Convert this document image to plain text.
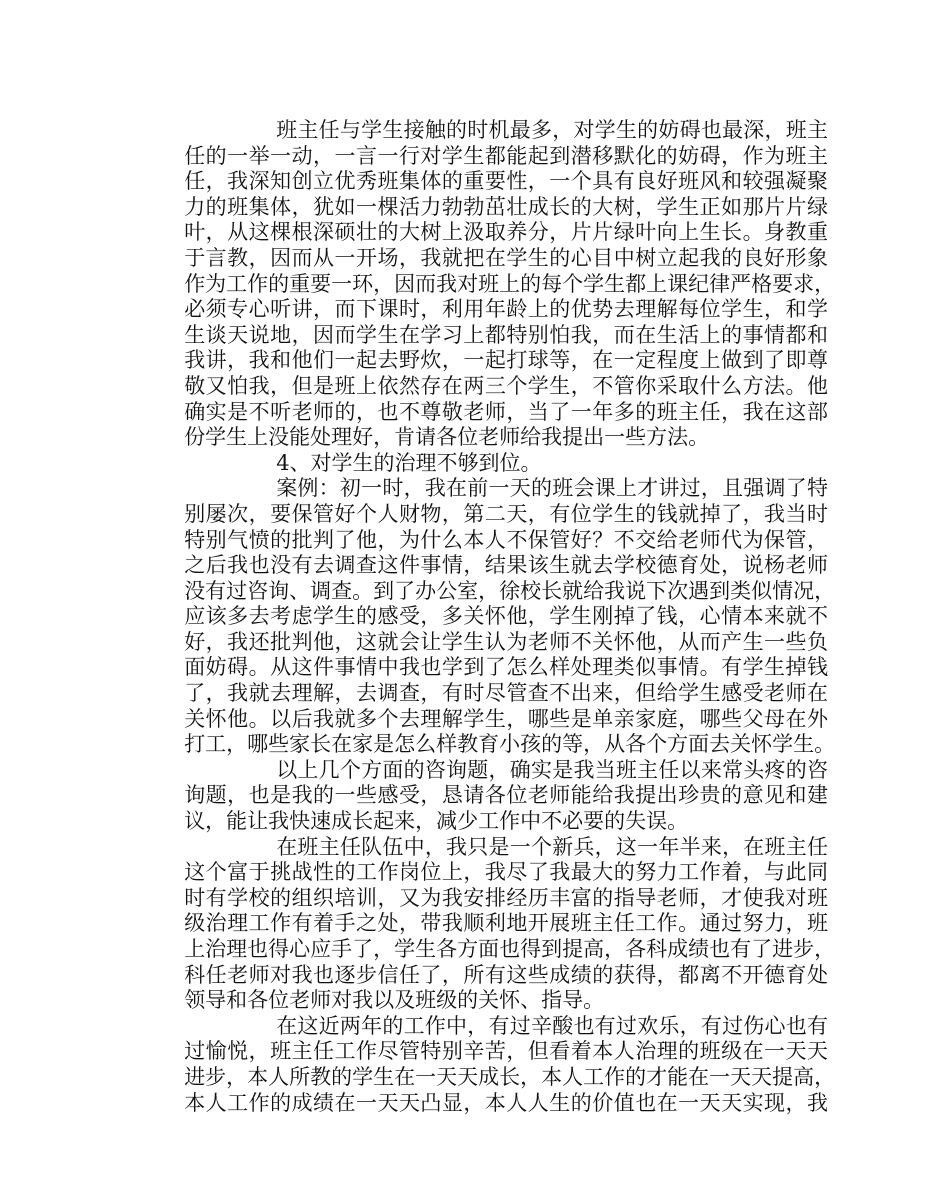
班主任与学生接触的时机最多，对学生的妨碍也最深，班主
任的一举一动，一言一行对学生都能起到潜移默化的妨碍，作为班主
任，我深知创立优秀班集体的重要性，一个具有良好班风和较强凝聚
力的班集体，犹如一棵活力勃勃茁壮成长的大树，学生正如那片片绿
叶，从这棵根深硕壮的大树上汲取养分，片片绿叶向上生长。身教重
于言教，因而从一开场，我就把在学生的心目中树立起我的良好形象
作为工作的重要一环，因而我对班上的每个学生都上课纪律严格要求，
必须专心听讲，而下课时，利用年龄上的优势去理解每位学生，和学
生谈天说地，因而学生在学习上都特别怕我，而在生活上的事情都和
我讲，我和他们一起去野炊，一起打球等，在一定程度上做到了即尊
敬又怕我，但是班上依然存在两三个学生，不管你采取什么方法。他
确实是不听老师的，也不尊敬老师，当了一年多的班主任，我在这部
份学生上没能处理好，肯请各位老师给我提出一些方法。
4、对学生的治理不够到位。
案例：初一时，我在前一天的班会课上才讲过，且强调了特
别屡次，要保管好个人财物，第二天，有位学生的钱就掉了，我当时
特别气愤的批判了他，为什么本人不保管好？不交给老师代为保管，
之后我也没有去调查这件事情，结果该生就去学校德育处，说杨老师
没有过咨询、调查。到了办公室，徐校长就给我说下次遇到类似情况，
应该多去考虑学生的感受，多关怀他，学生刚掉了钱，心情本来就不
好，我还批判他，这就会让学生认为老师不关怀他，从而产生一些负
面妨碍。从这件事情中我也学到了怎么样处理类似事情。有学生掉钱
了，我就去理解，去调查，有时尽管查不出来，但给学生感受老师在
关怀他。以后我就多个去理解学生，哪些是单亲家庭，哪些父母在外
打工，哪些家长在家是怎么样教育小孩的等，从各个方面去关怀学生。
以上几个方面的咨询题，确实是我当班主任以来常头疼的咨
询题，也是我的一些感受，恳请各位老师能给我提出珍贵的意见和建
议，能让我快速成长起来，减少工作中不必要的失误。
在班主任队伍中，我只是一个新兵，这一年半来，在班主任
这个富于挑战性的工作岗位上，我尽了我最大的努力工作着，与此同
时有学校的组织培训，又为我安排经历丰富的指导老师，才使我对班
级治理工作有着手之处，带我顺利地开展班主任工作。通过努力，班
上治理也得心应手了，学生各方面也得到提高，各科成绩也有了进步，
科任老师对我也逐步信任了，所有这些成绩的获得，都离不开德育处
领导和各位老师对我以及班级的关怀、指导。
在这近两年的工作中，有过辛酸也有过欢乐，有过伤心也有
过愉悦，班主任工作尽管特别辛苦，但看着本人治理的班级在一天天
进步，本人所教的学生在一天天成长，本人工作的才能在一天天提高，
本人工作的成绩在一天天凸显，本人人生的价值也在一天天实现，我
